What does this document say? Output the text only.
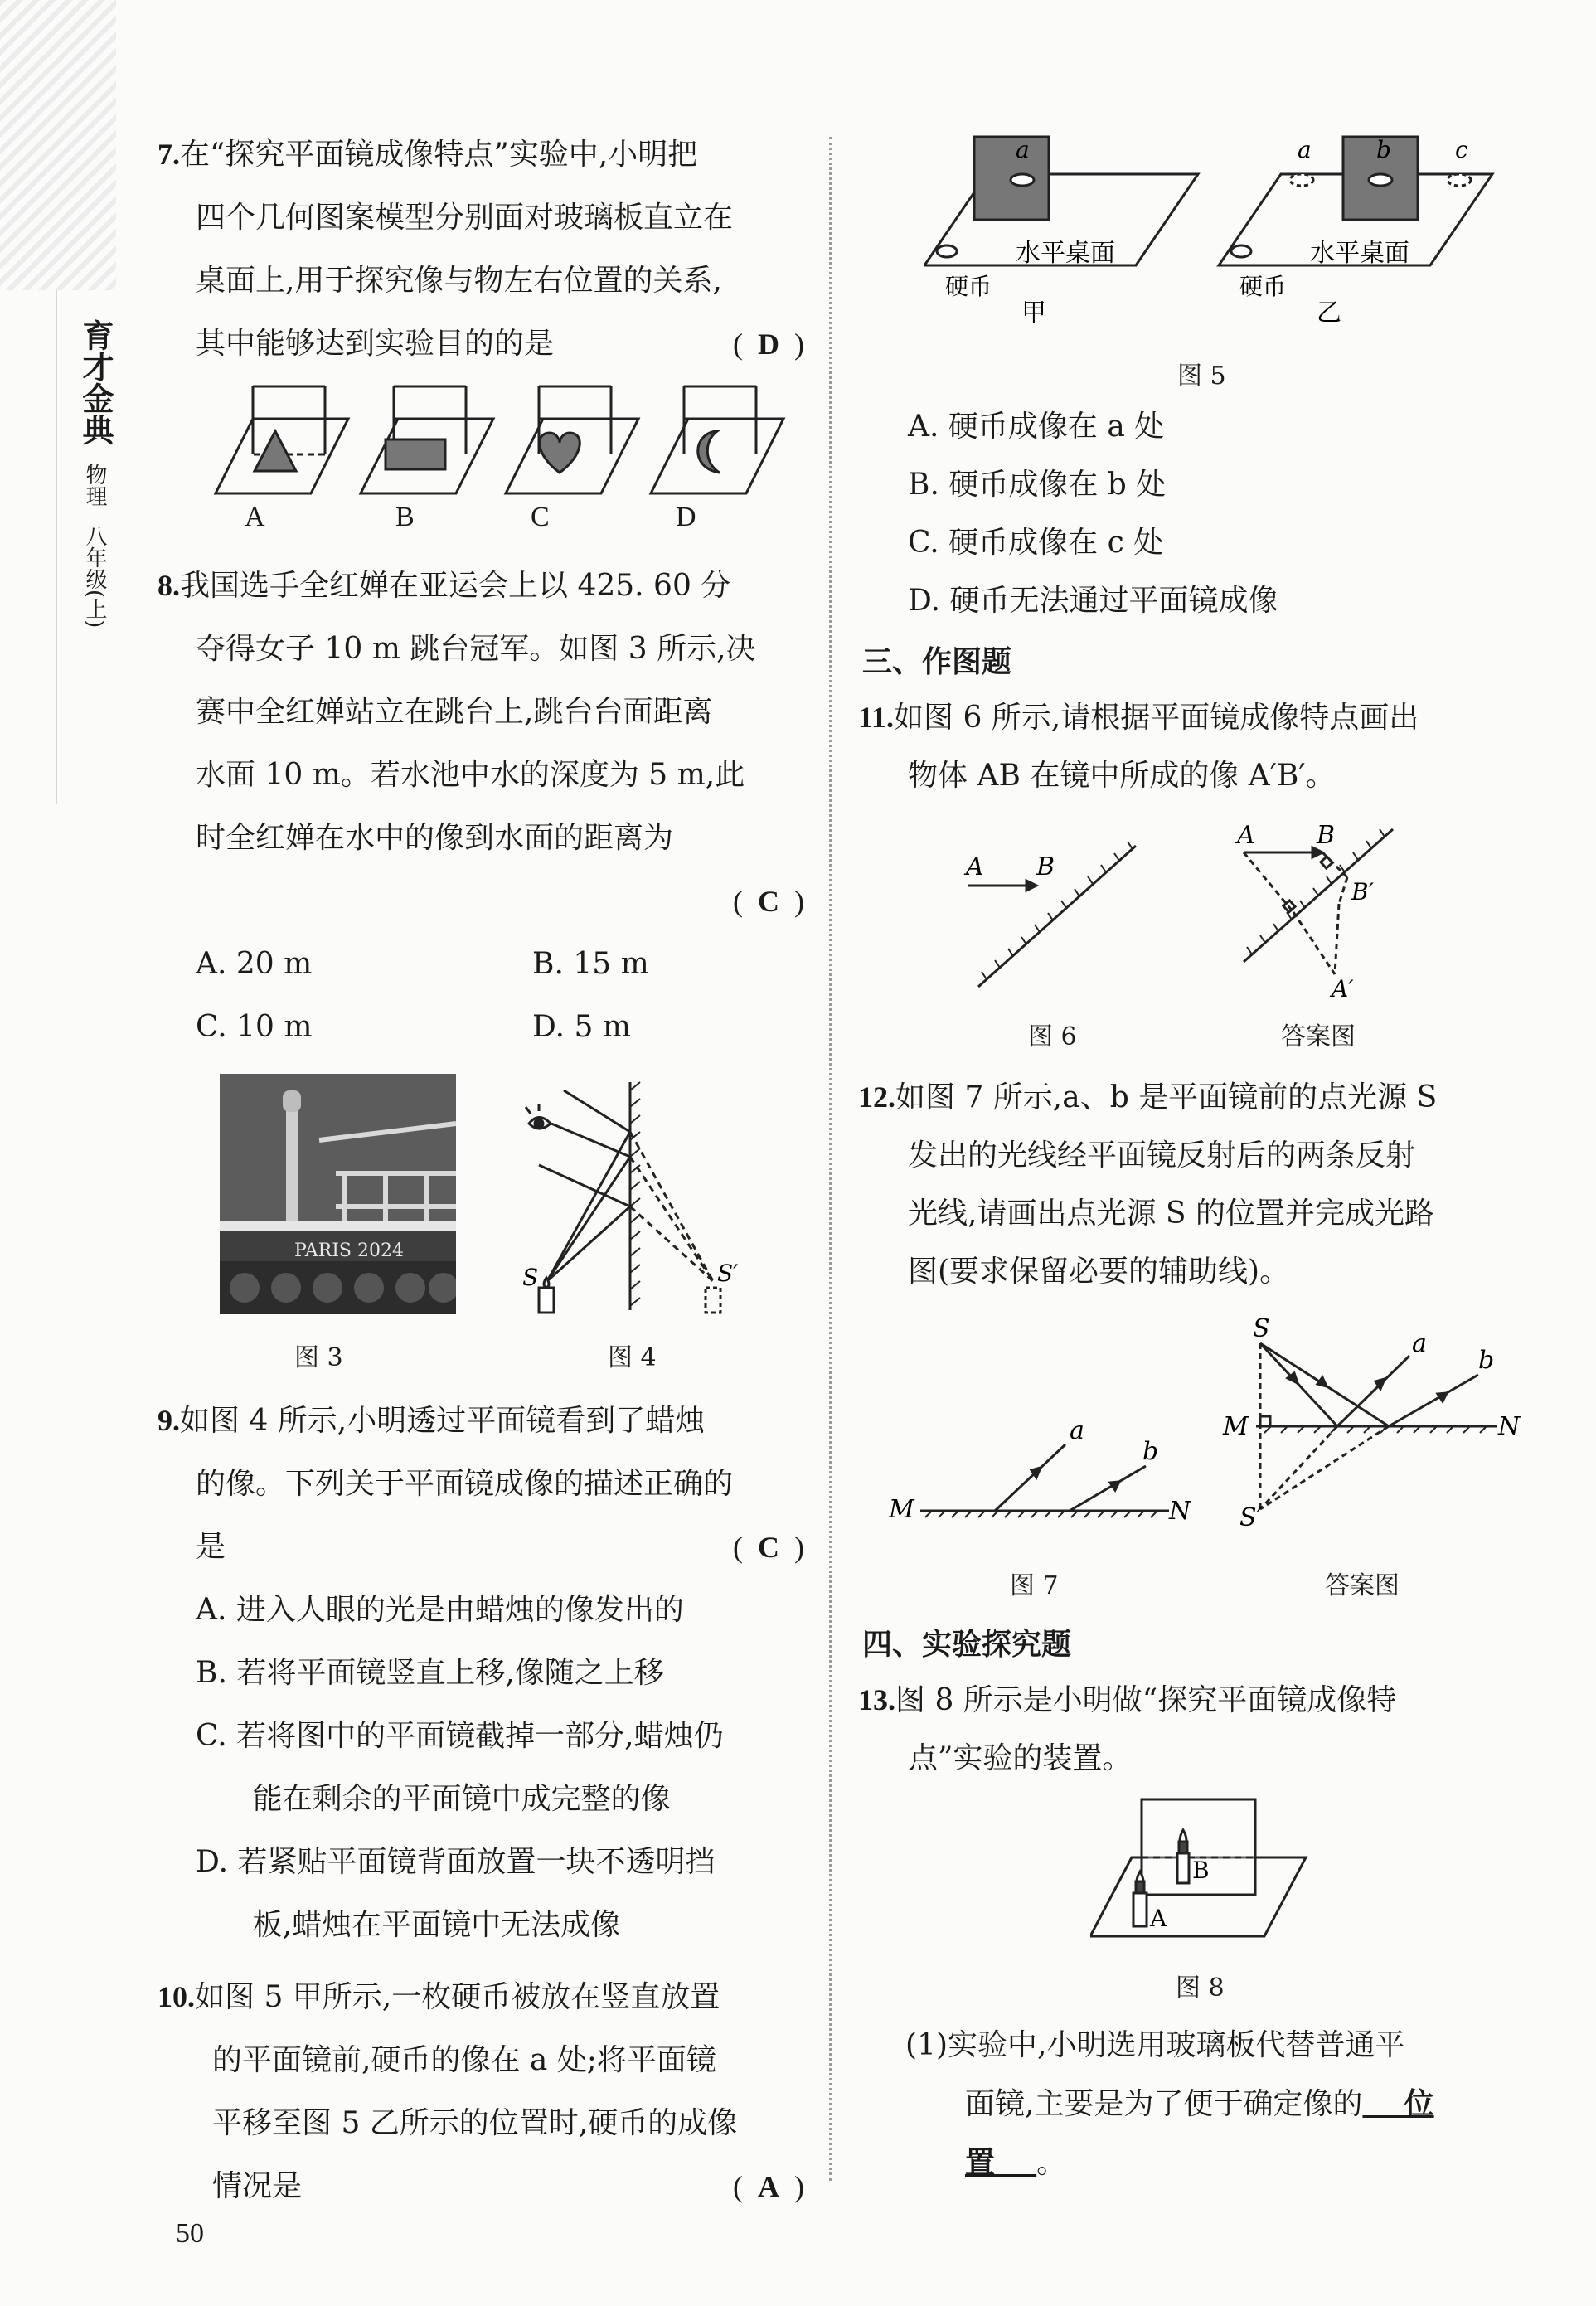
育才金典
物理
八年级(上)
7.在“探究平面镜成像特点”实验中,小明把
四个几何图案模型分别面对玻璃板直立在
桌面上,用于探究像与物左右位置的关系,
其中能够达到实验目的的是	( D )
A	B	C	D
8.我国选手全红婵在亚运会上以 425. 60 分
夺得女子 10 m 跳台冠军。如图 3 所示,决
赛中全红婵站立在跳台上,跳台台面距离
水面 10 m。若水池中水的深度为 5 m,此
时全红婵在水中的像到水面的距离为
( C )

A. 20 m	B. 15 m
C. 10 m	D. 5 m
PARIS 2024
S	S′
图 3	图 4
9.如图 4 所示,小明透过平面镜看到了蜡烛
的像。下列关于平面镜成像的描述正确的
是	( C )
A. 进入人眼的光是由蜡烛的像发出的
B. 若将平面镜竖直上移,像随之上移
C. 若将图中的平面镜截掉一部分,蜡烛仍
能在剩余的平面镜中成完整的像
D. 若紧贴平面镜背面放置一块不透明挡
板,蜡烛在平面镜中无法成像
10.如图 5 甲所示,一枚硬币被放在竖直放置
的平面镜前,硬币的像在 a 处;将平面镜
平移至图 5 乙所示的位置时,硬币的成像
情况是	( A )
a
水平桌面
硬币
甲
a	b	c
水平桌面
硬币
乙
图 5
A. 硬币成像在 a 处
B. 硬币成像在 b 处
C. 硬币成像在 c 处
D. 硬币无法通过平面镜成像
三、作图题
11.如图 6 所示,请根据平面镜成像特点画出
物体 AB 在镜中所成的像 A′B′。
A B
A B
B′
A′
图 6	答案图
12.如图 7 所示,a、b 是平面镜前的点光源 S
发出的光线经平面镜反射后的两条反射
光线,请画出点光源 S 的位置并完成光路
图(要求保留必要的辅助线)。
M	N
a
b
S
a
b
M	N
S′
图 7	答案图
四、实验探究题
13.图 8 所示是小明做“探究平面镜成像特
点”实验的装置。
B
A
图 8
(1)实验中,小明选用玻璃板代替普通平
面镜,主要是为了便于确定像的 位
置 。
50
